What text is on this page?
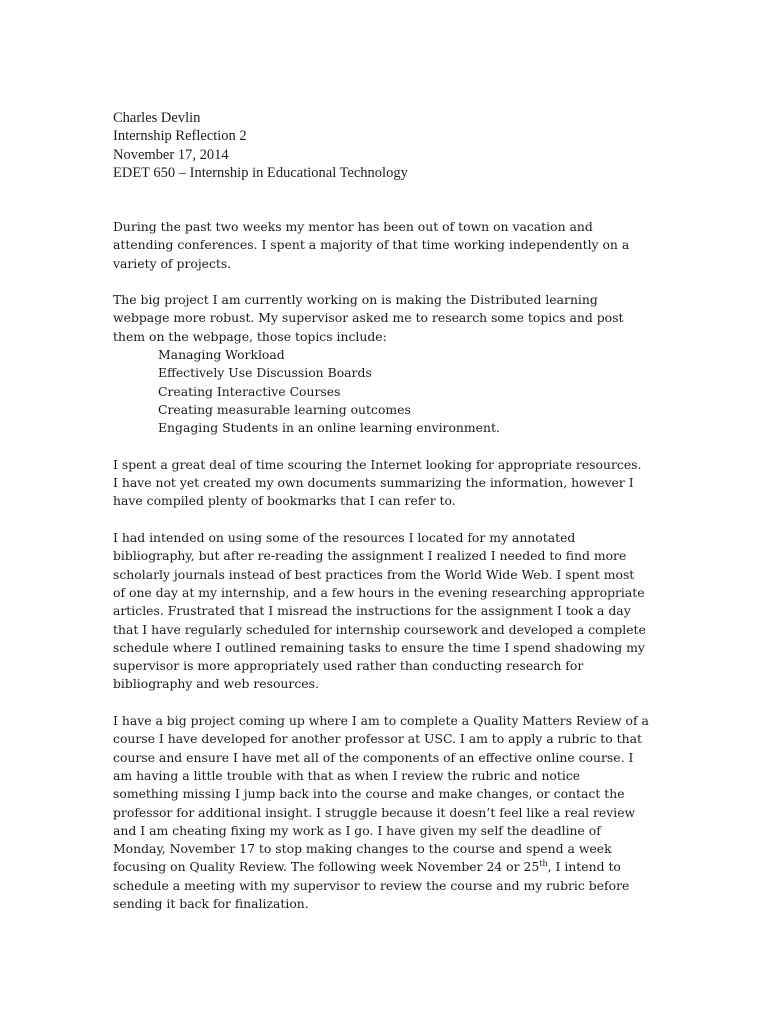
Charles Devlin
Internship Reflection 2
November 17, 2014
EDET 650 – Internship in Educational Technology
During the past two weeks my mentor has been out of town on vacation and
attending conferences. I spent a majority of that time working independently on a
variety of projects.
The big project I am currently working on is making the Distributed learning
webpage more robust. My supervisor asked me to research some topics and post
them on the webpage, those topics include:
Managing Workload
Effectively Use Discussion Boards
Creating Interactive Courses
Creating measurable learning outcomes
Engaging Students in an online learning environment.
I spent a great deal of time scouring the Internet looking for appropriate resources.
I have not yet created my own documents summarizing the information, however I
have compiled plenty of bookmarks that I can refer to.
I had intended on using some of the resources I located for my annotated
bibliography, but after re-reading the assignment I realized I needed to find more
scholarly journals instead of best practices from the World Wide Web. I spent most
of one day at my internship, and a few hours in the evening researching appropriate
articles. Frustrated that I misread the instructions for the assignment I took a day
that I have regularly scheduled for internship coursework and developed a complete
schedule where I outlined remaining tasks to ensure the time I spend shadowing my
supervisor is more appropriately used rather than conducting research for
bibliography and web resources.
I have a big project coming up where I am to complete a Quality Matters Review of a
course I have developed for another professor at USC. I am to apply a rubric to that
course and ensure I have met all of the components of an effective online course. I
am having a little trouble with that as when I review the rubric and notice
something missing I jump back into the course and make changes, or contact the
professor for additional insight. I struggle because it doesn’t feel like a real review
and I am cheating fixing my work as I go. I have given my self the deadline of
Monday, November 17 to stop making changes to the course and spend a week
focusing on Quality Review. The following week November 24 or 25th, I intend to
schedule a meeting with my supervisor to review the course and my rubric before
sending it back for finalization.
